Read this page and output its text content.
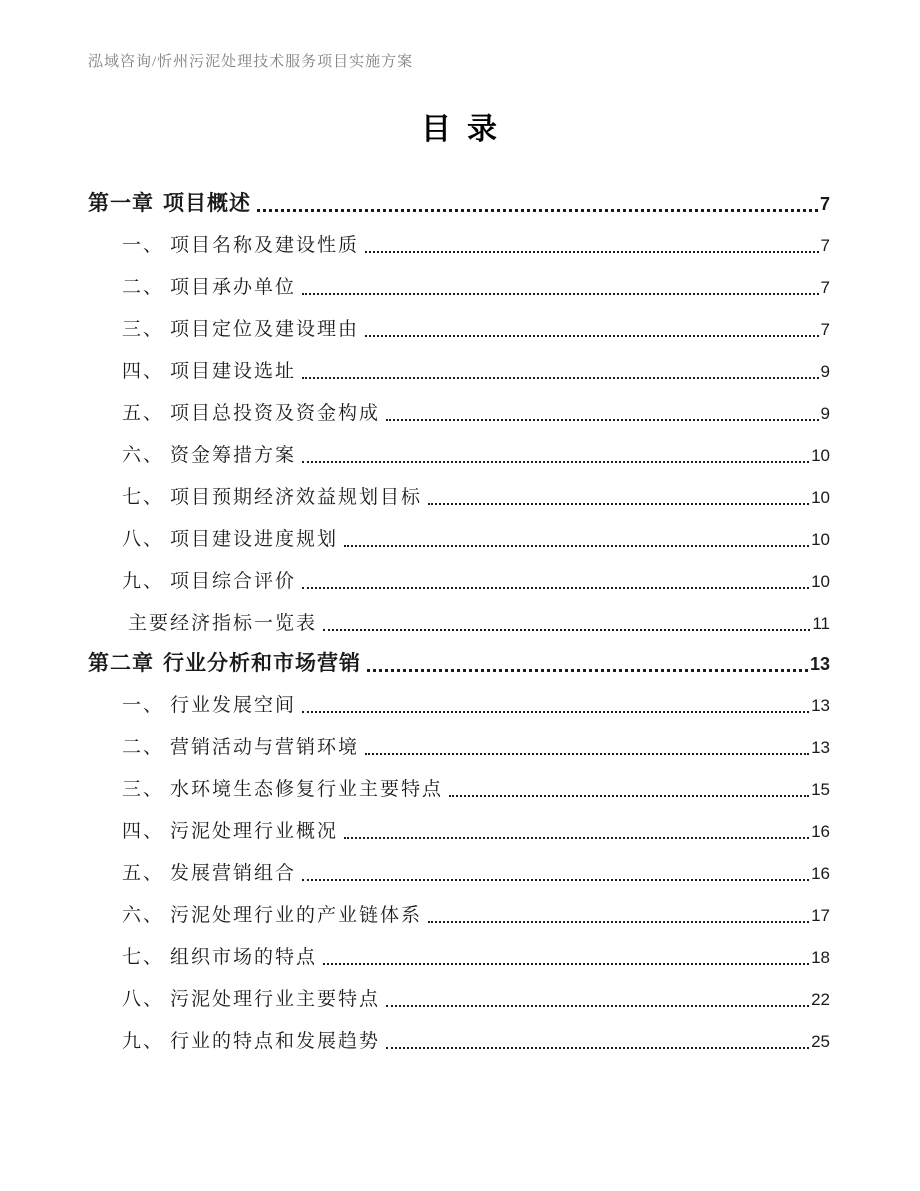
泓域咨询/忻州污泥处理技术服务项目实施方案
目录
第一章 项目概述	7
一、 项目名称及建设性质	7
二、 项目承办单位	7
三、 项目定位及建设理由	7
四、 项目建设选址	9
五、 项目总投资及资金构成	9
六、 资金筹措方案	10
七、 项目预期经济效益规划目标	10
八、 项目建设进度规划	10
九、 项目综合评价	10
主要经济指标一览表	11
第二章 行业分析和市场营销	13
一、 行业发展空间	13
二、 营销活动与营销环境	13
三、 水环境生态修复行业主要特点	15
四、 污泥处理行业概况	16
五、 发展营销组合	16
六、 污泥处理行业的产业链体系	17
七、 组织市场的特点	18
八、 污泥处理行业主要特点	22
九、 行业的特点和发展趋势	25
